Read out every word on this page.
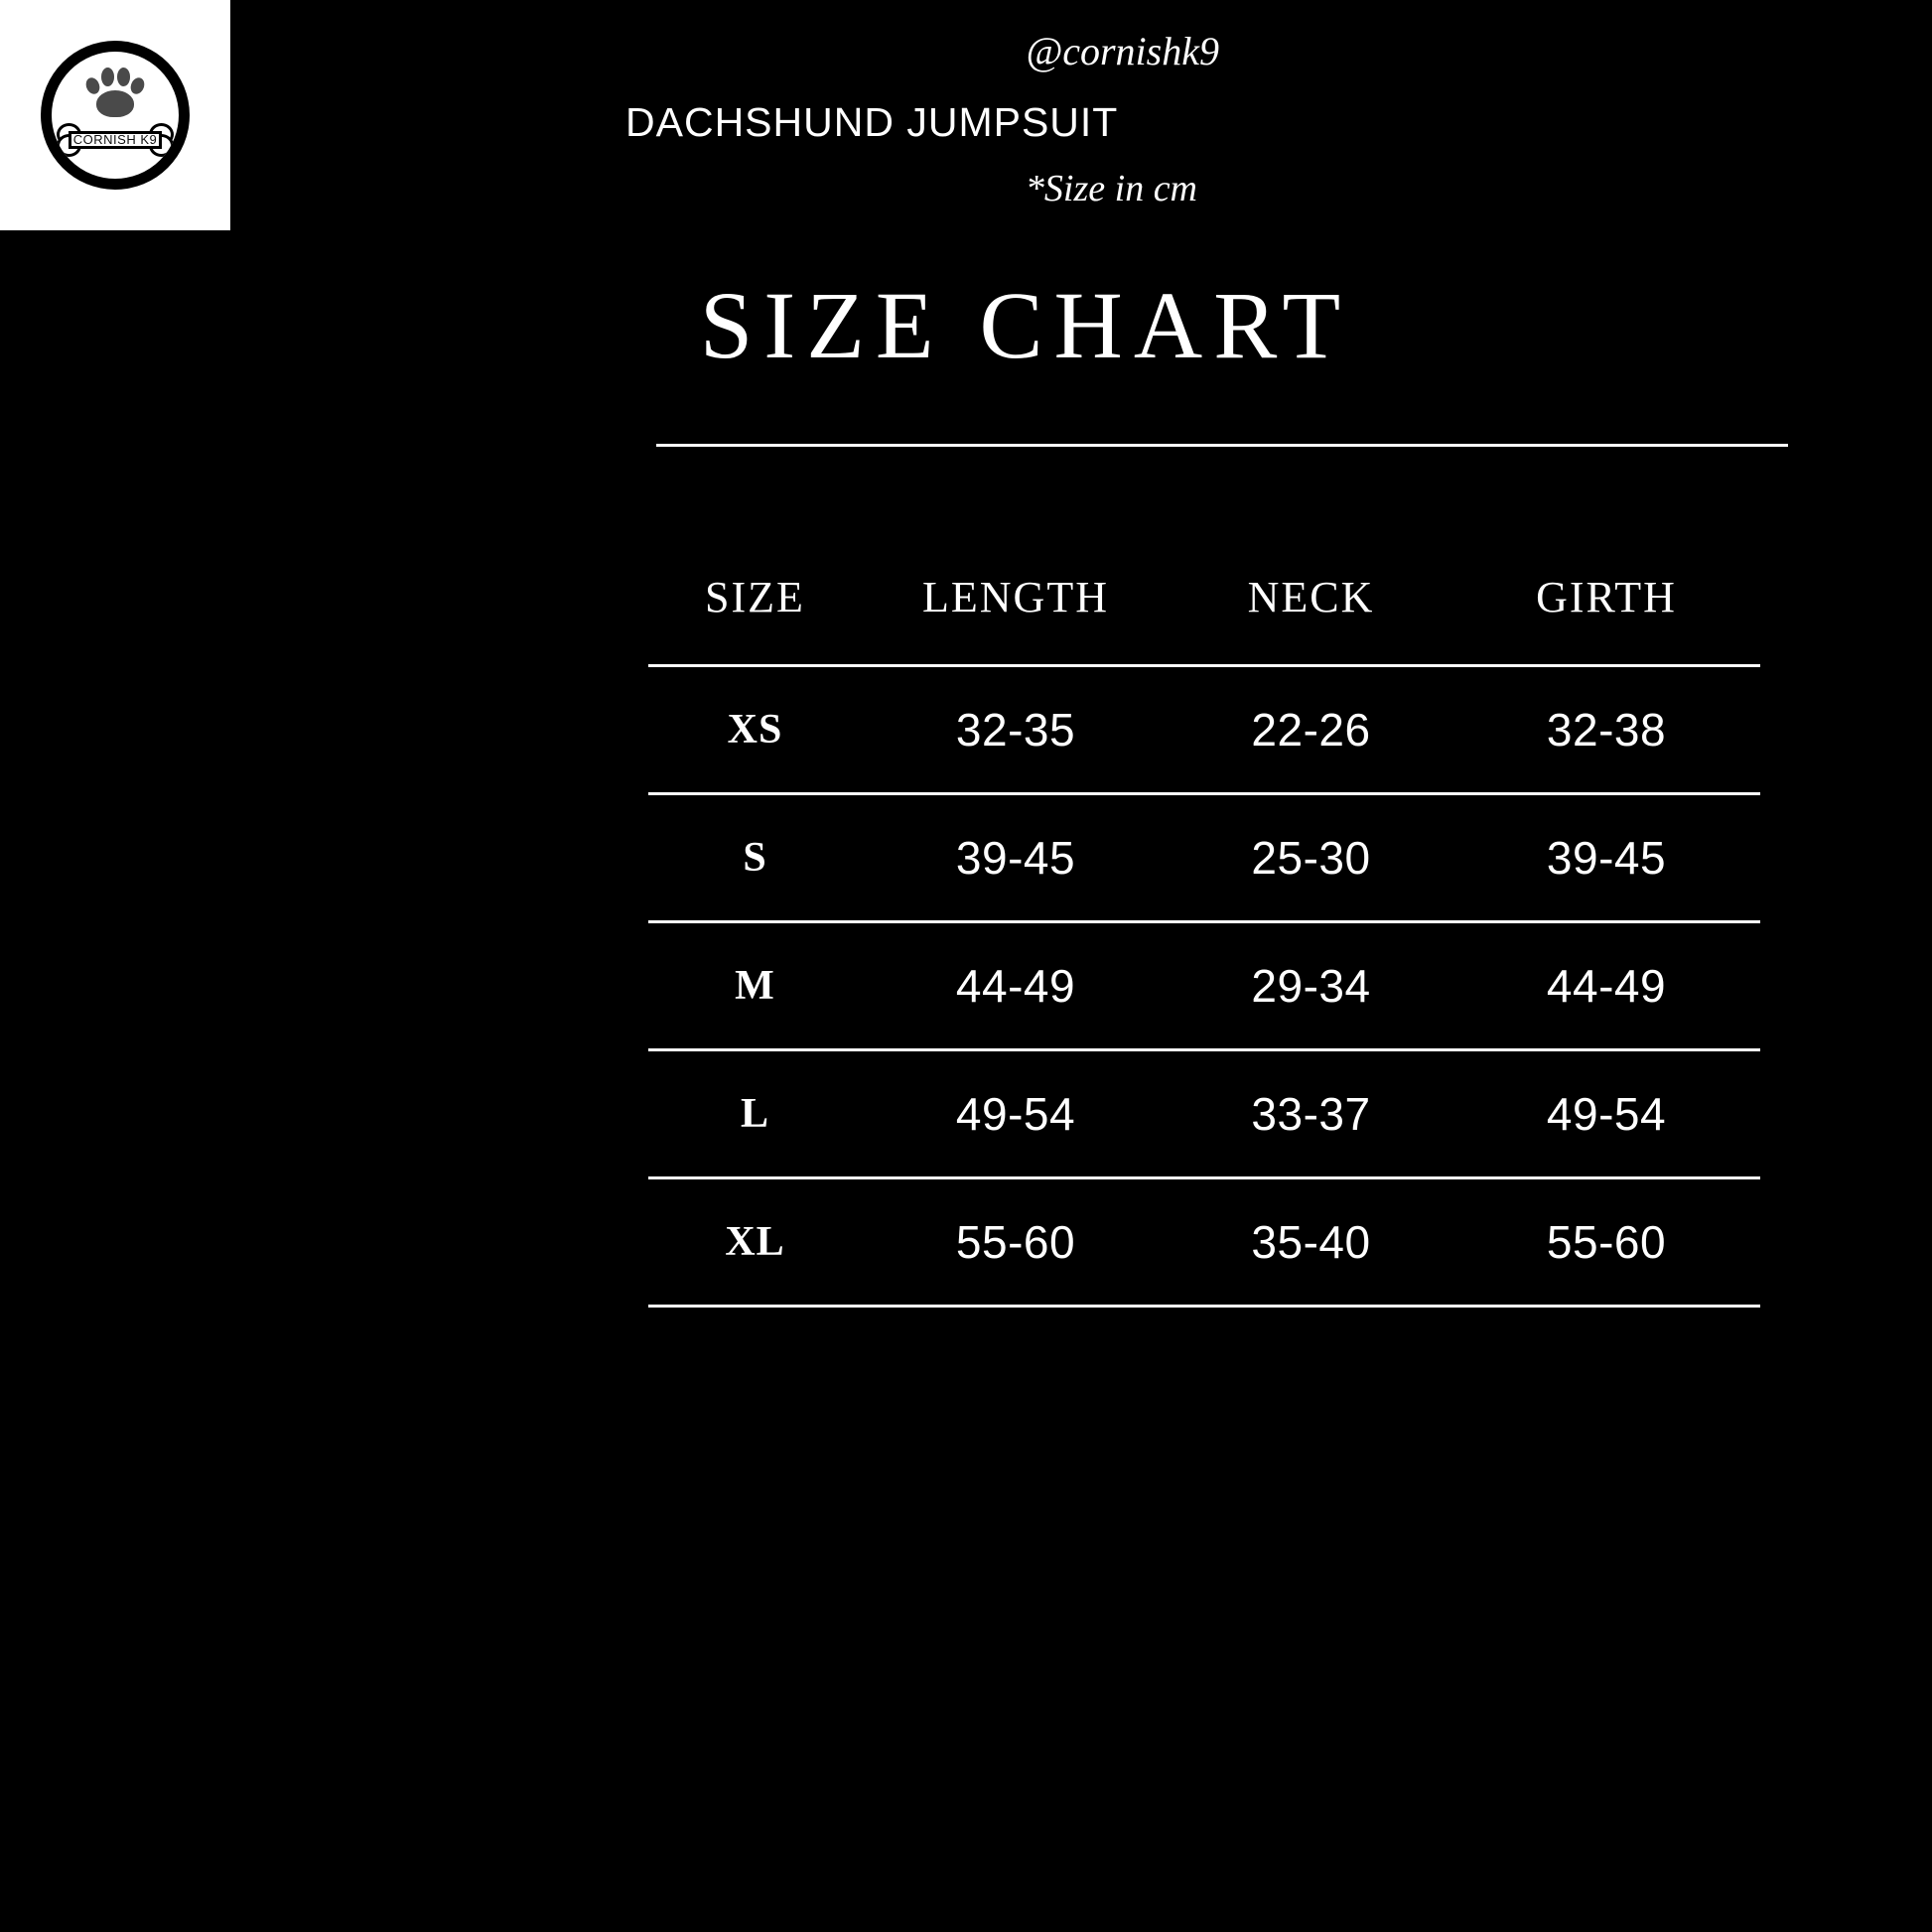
CORNISH K9	DACHSHUND JUMPSUIT
@cornishk9
*Size in cm
SIZE CHART
SIZE	LENGTH	NECK	GIRTH
XS	32-35	22-26	32-38
S	39-45	25-30	39-45
M	44-49	29-34	44-49
L	49-54	33-37	49-54
XL	55-60	35-40	55-60
